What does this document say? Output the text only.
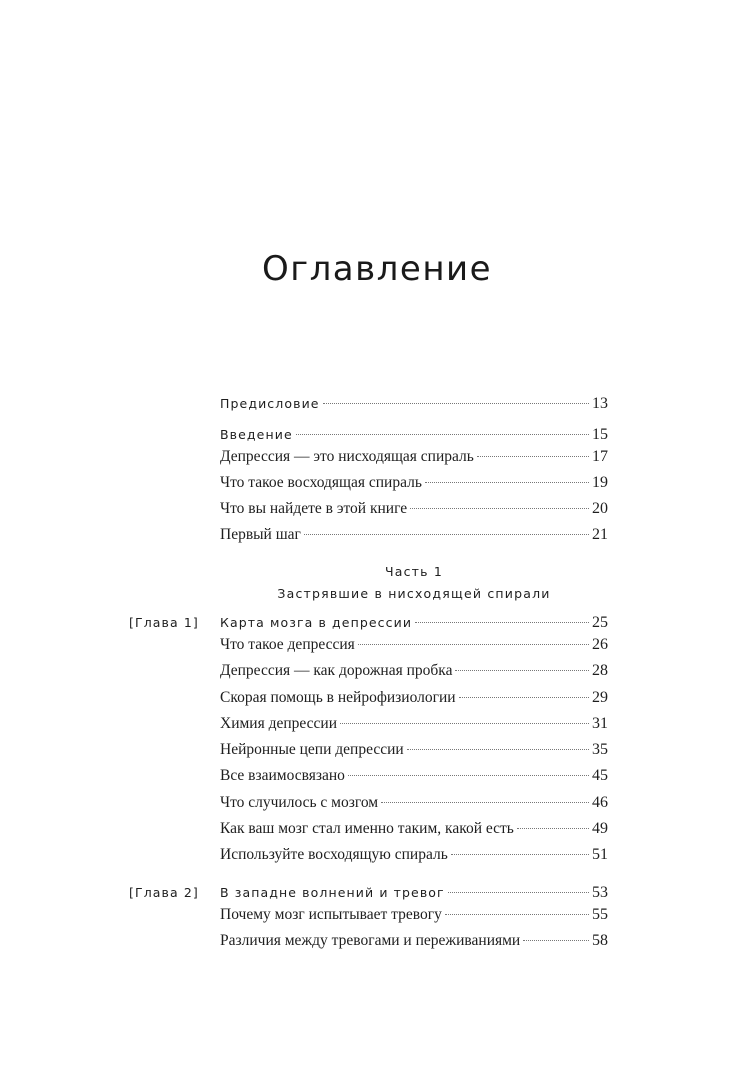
Оглавление
Предисловие	13
Введение	15
Депрессия — это нисходящая спираль	17
Что такое восходящая спираль	19
Что вы найдете в этой книге	20
Первый шаг	21
Часть 1
Застрявшие в нисходящей спирали
[Глава 1] Карта мозга в депрессии	25
Что такое депрессия	26
Депрессия — как дорожная пробка	28
Скорая помощь в нейрофизиологии	29
Химия депрессии	31
Нейронные цепи депрессии	35
Все взаимосвязано	45
Что случилось с мозгом	46
Как ваш мозг стал именно таким, какой есть	49
Используйте восходящую спираль	51
[Глава 2] В западне волнений и тревог	53
Почему мозг испытывает тревогу	55
Различия между тревогами и переживаниями	58
